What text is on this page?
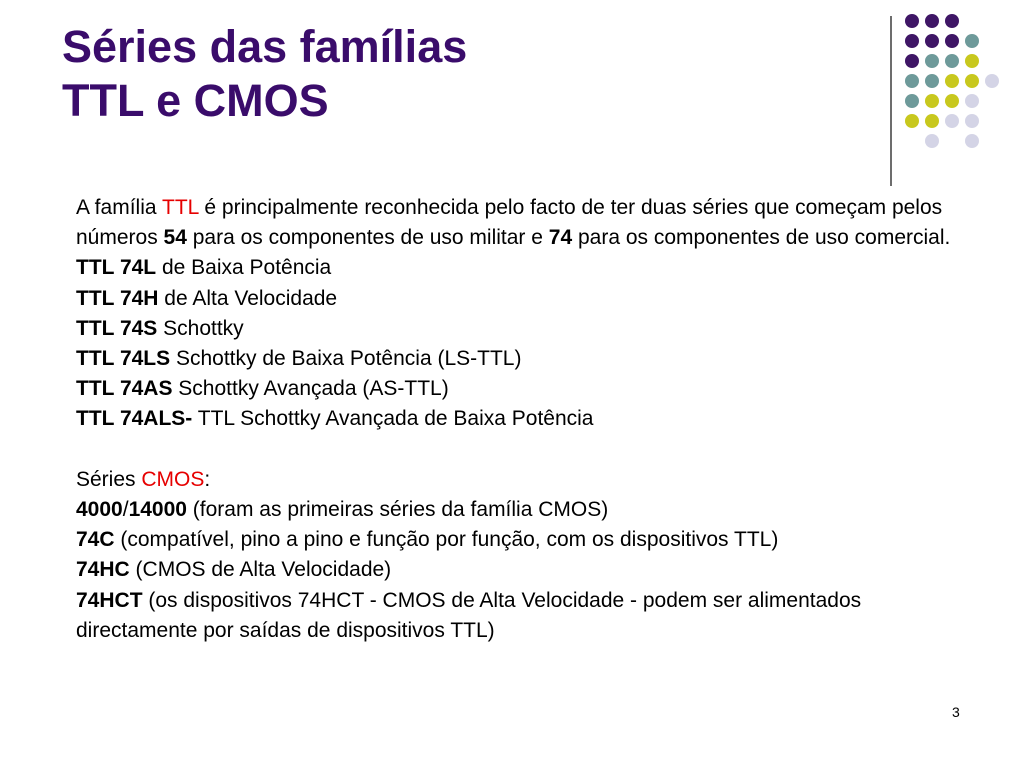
Séries das famílias
TTL e CMOS

A família TTL é principalmente reconhecida pelo facto de ter duas séries que começam pelos números 54 para os componentes de uso militar e 74 para os componentes de uso comercial.

TTL 74L de Baixa Potência

TTL 74H de Alta Velocidade

TTL 74S Schottky

TTL 74LS Schottky de Baixa Potência (LS-TTL)

TTL 74AS Schottky Avançada (AS-TTL)

TTL 74ALS- TTL Schottky Avançada de Baixa Potência

Séries CMOS:

4000/14000 (foram as primeiras séries da família CMOS)

74C (compatível, pino a pino e função por função, com os dispositivos TTL)

74HC (CMOS de Alta Velocidade)

74HCT (os dispositivos 74HCT - CMOS de Alta Velocidade - podem ser alimentados directamente por saídas de dispositivos TTL)

3
